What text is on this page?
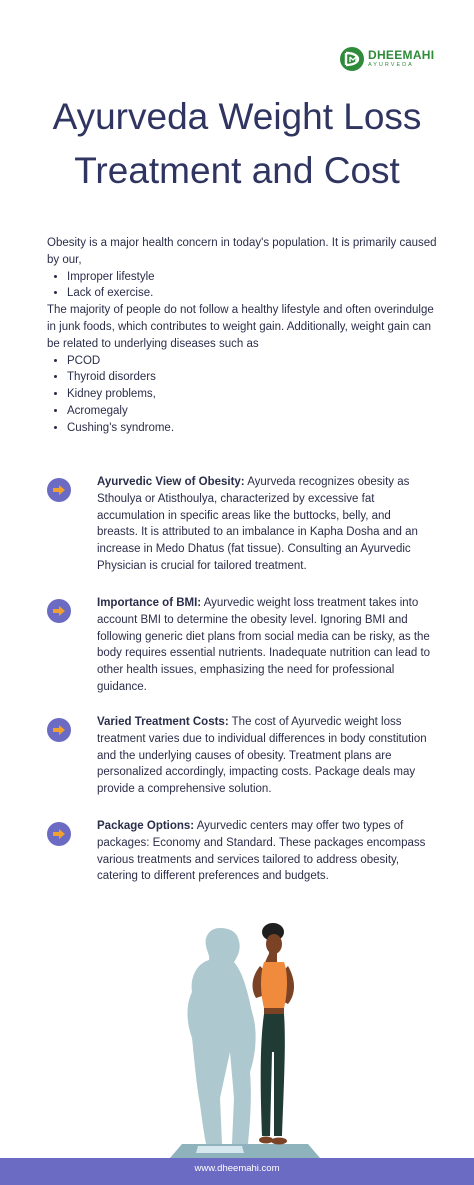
DHEEMAHI
AYURVEDA
Ayurveda Weight Loss
Treatment and Cost

Obesity is a major health concern in today's population. It is primarily caused by our,

• Improper lifestyle
• Lack of exercise.

The majority of people do not follow a healthy lifestyle and often overindulge in junk foods, which contributes to weight gain. Additionally, weight gain can be related to underlying diseases such as

• PCOD
• Thyroid disorders
• Kidney problems,
• Acromegaly
• Cushing's syndrome.
Ayurvedic View of Obesity: Ayurveda recognizes obesity as Sthoulya or Atisthoulya, characterized by excessive fat accumulation in specific areas like the buttocks, belly, and breasts. It is attributed to an imbalance in Kapha Dosha and an increase in Medo Dhatus (fat tissue). Consulting an Ayurvedic Physician is crucial for tailored treatment.
Importance of BMI: Ayurvedic weight loss treatment takes into account BMI to determine the obesity level. Ignoring BMI and following generic diet plans from social media can be risky, as the body requires essential nutrients. Inadequate nutrition can lead to other health issues, emphasizing the need for professional guidance.
Varied Treatment Costs: The cost of Ayurvedic weight loss treatment varies due to individual differences in body constitution and the underlying causes of obesity. Treatment plans are personalized accordingly, impacting costs. Package deals may provide a comprehensive solution.
Package Options: Ayurvedic centers may offer two types of packages: Economy and Standard. These packages encompass various treatments and services tailored to address obesity, catering to different preferences and budgets.
www.dheemahi.com
